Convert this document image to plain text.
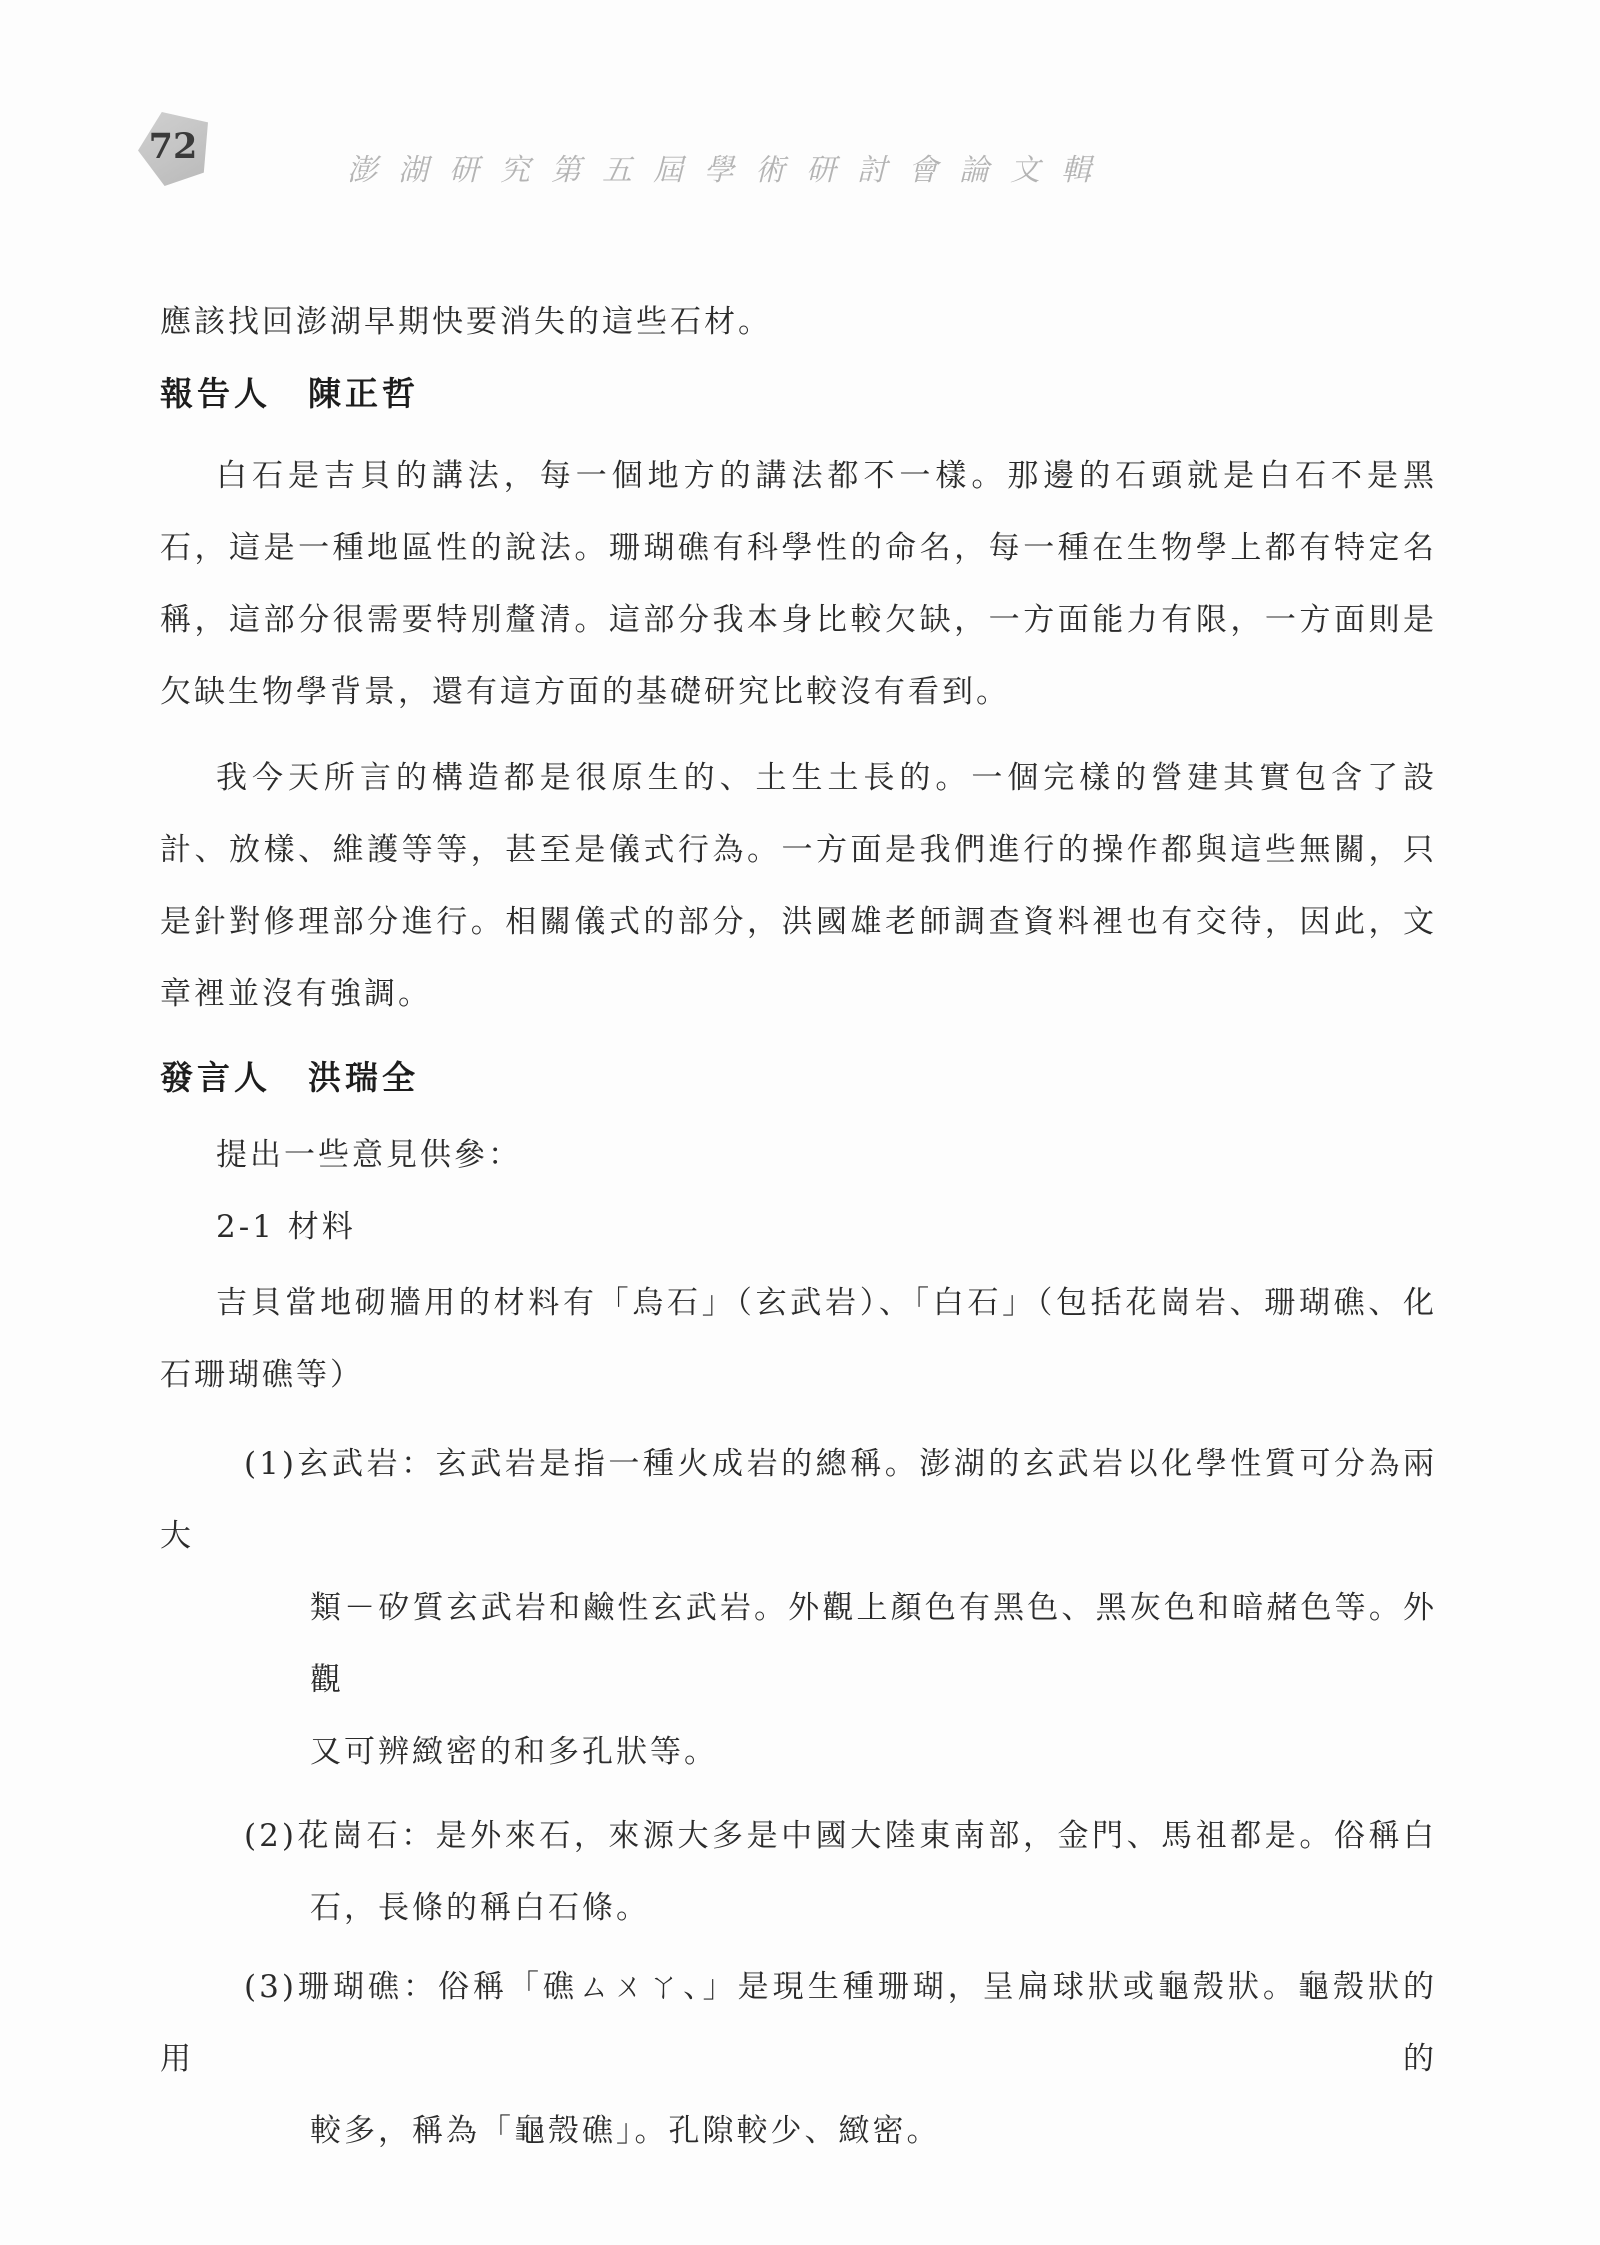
72
澎湖研究第五屆學術研討會論文輯

應該找回澎湖早期快要消失的這些石材。

報告人　陳正哲

白石是吉貝的講法，每一個地方的講法都不一樣。那邊的石頭就是白石不是黑

石，這是一種地區性的說法。珊瑚礁有科學性的命名，每一種在生物學上都有特定名

稱，這部分很需要特別釐清。這部分我本身比較欠缺，一方面能力有限，一方面則是

欠缺生物學背景，還有這方面的基礎研究比較沒有看到。

我今天所言的構造都是很原生的、土生土長的。一個完樣的營建其實包含了設

計、放樣、維護等等，甚至是儀式行為。一方面是我們進行的操作都與這些無關，只

是針對修理部分進行。相關儀式的部分，洪國雄老師調查資料裡也有交待，因此，文

章裡並沒有強調。

發言人　洪瑞全

提出一些意見供參：

2-1 材料

吉貝當地砌牆用的材料有「烏石」（玄武岩）、「白石」（包括花崗岩、珊瑚礁、化

石珊瑚礁等）

(1)玄武岩：玄武岩是指一種火成岩的總稱。澎湖的玄武岩以化學性質可分為兩大

類－矽質玄武岩和鹼性玄武岩。外觀上顏色有黑色、黑灰色和暗赭色等。外觀

又可辨緻密的和多孔狀等。

(2)花崗石：是外來石，來源大多是中國大陸東南部，金門、馬祖都是。俗稱白

石，長條的稱白石條。

(3)珊瑚礁：俗稱「礁ㄙㄨㄚ、」是現生種珊瑚，呈扁球狀或龜殼狀。龜殼狀的用的

較多，稱為「龜殼礁」。孔隙較少、緻密。
